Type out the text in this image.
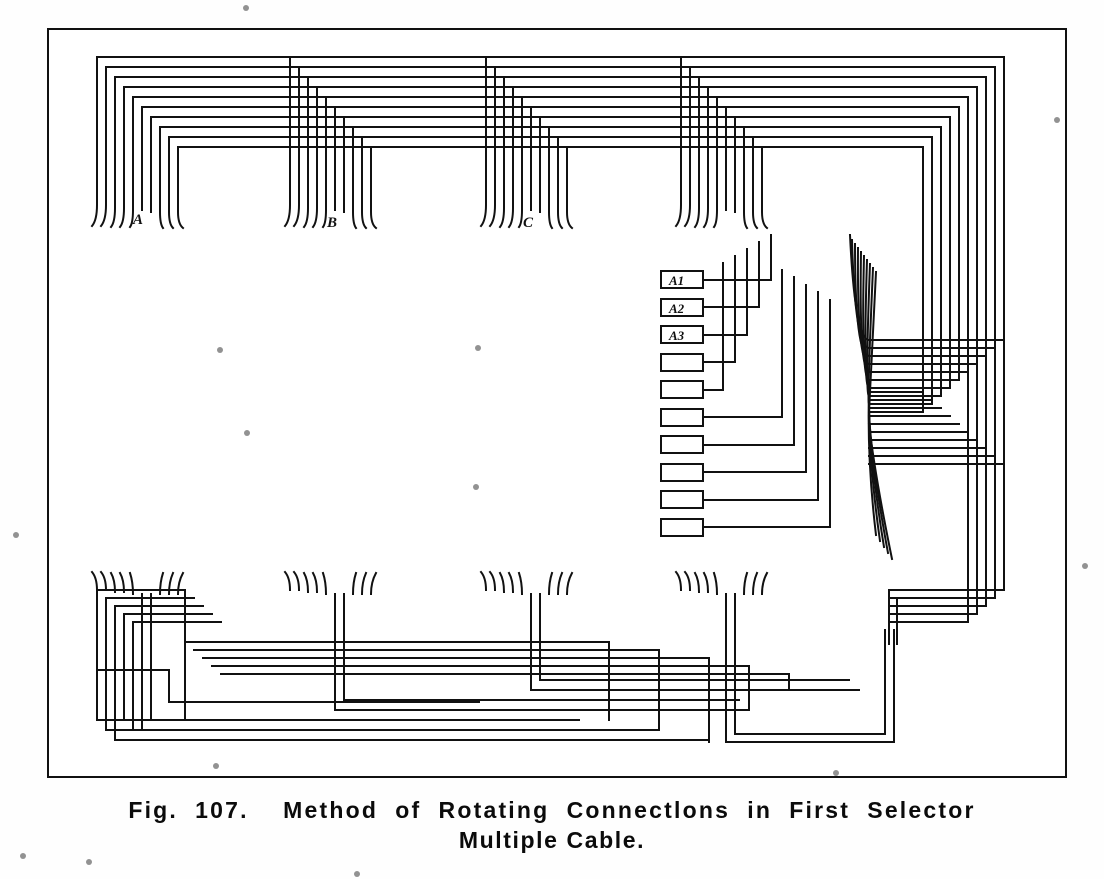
A	B	C
A1
A2
A3
Fig.  107.    Method  of  Rotating  Connectlons  in  First  Selector
Multiple Cable.
